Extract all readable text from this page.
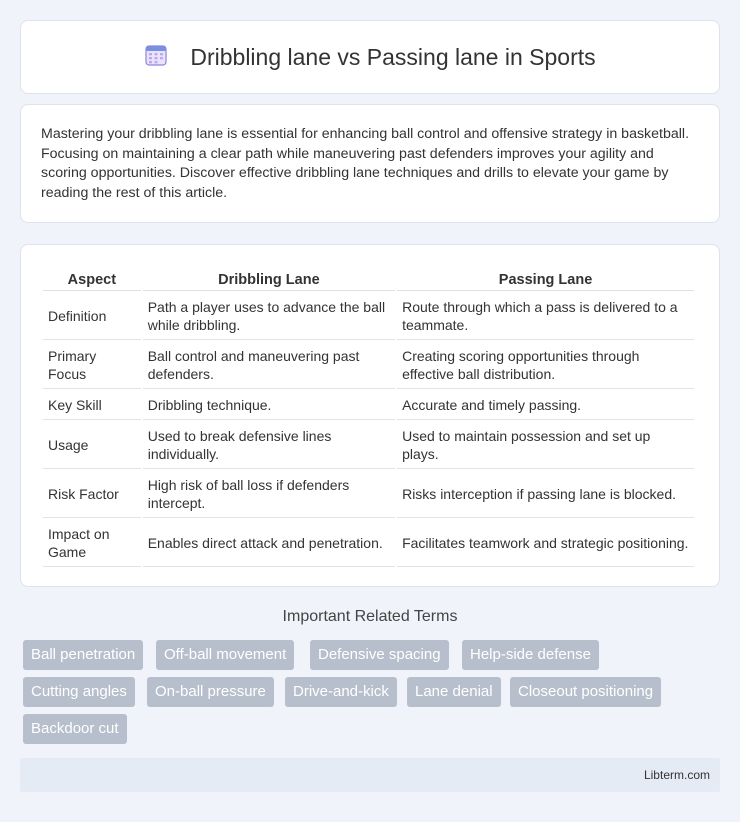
Dribbling lane vs Passing lane in Sports

Mastering your dribbling lane is essential for enhancing ball control and offensive strategy in basketball. Focusing on maintaining a clear path while maneuvering past defenders improves your agility and scoring opportunities. Discover effective dribbling lane techniques and drills to elevate your game by reading the rest of this article.

Aspect	Dribbling Lane	Passing Lane
Definition	Path a player uses to advance the ball while dribbling.	Route through which a pass is delivered to a teammate.
Primary Focus	Ball control and maneuvering past defenders.	Creating scoring opportunities through effective ball distribution.
Key Skill	Dribbling technique.	Accurate and timely passing.
Usage	Used to break defensive lines individually.	Used to maintain possession and set up plays.
Risk Factor	High risk of ball loss if defenders intercept.	Risks interception if passing lane is blocked.
Impact on Game	Enables direct attack and penetration.	Facilitates teamwork and strategic positioning.
Important Related Terms
Ball penetration	Off-ball movement	Defensive spacing	Help-side defense
Cutting angles	On-ball pressure	Drive-and-kick	Lane denial	Closeout positioning
Backdoor cut
Libterm.com
